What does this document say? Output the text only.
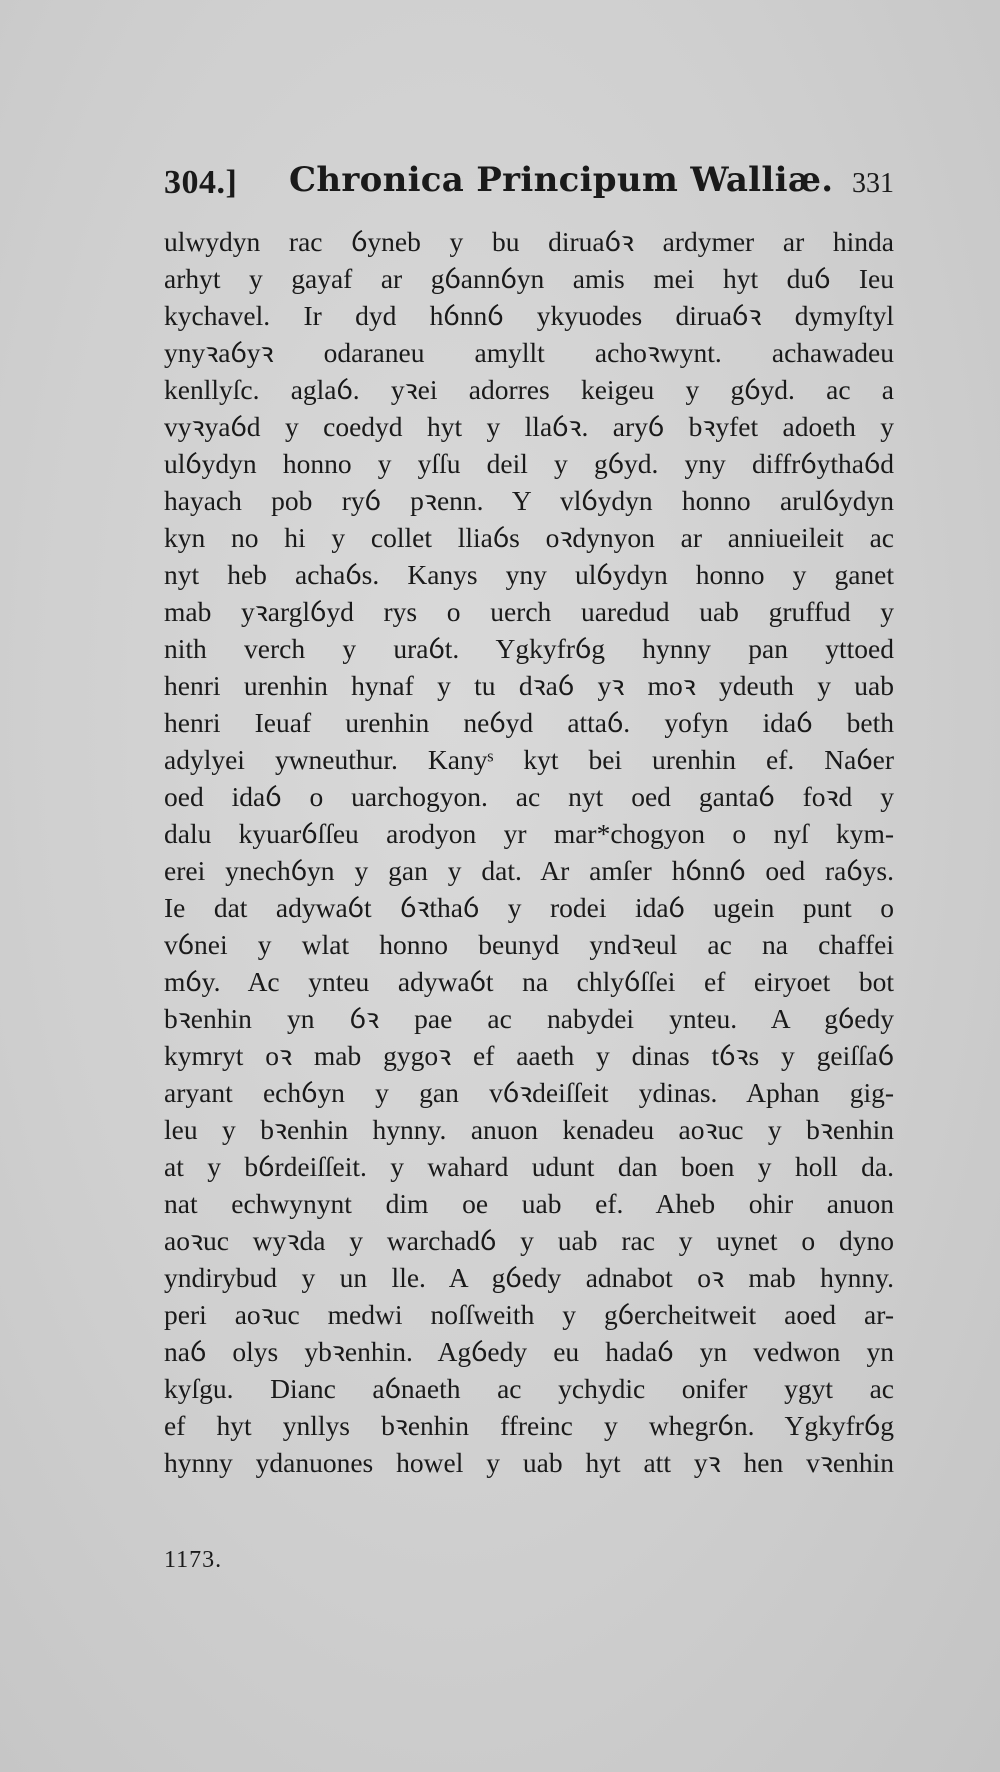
304.] Chronica Principum Walliæ. 331
ulwydyn rac ỽyneb y bu diruaỽꝛ ardymer ar hinda
arhyt y gayaf ar gỽannỽyn amis mei hyt duỽ Ieu
kychavel. Ir dyd hỽnnỽ ykyuodes diruaỽꝛ dymyſtyl
ynyꝛaỽyꝛ odaraneu amyllt achoꝛwynt. achawadeu
kenllyſc. aglaỽ. yꝛei adorres keigeu y gỽyd. ac a
vyꝛyaỽd y coedyd hyt y llaỽꝛ. aryỽ bꝛyfet adoeth y
ulỽydyn honno y yſſu deil y gỽyd. yny diffrỽythaỽd
hayach pob ryỽ pꝛenn. Y vlỽydyn honno arulỽydyn
kyn no hi y collet lliaỽs oꝛdynyon ar anniueileit ac
nyt heb achaỽs. Kanys yny ulỽydyn honno y ganet
mab yꝛarglỽyd rys o uerch uaredud uab gruffud y
nith verch y uraỽt. Ygkyfrỽg hynny pan yttoed
henri urenhin hynaf y tu dꝛaỽ yꝛ moꝛ ydeuth y uab
henri Ieuaf urenhin neỽyd attaỽ. yofyn idaỽ beth
adylyei ywneuthur. Kanyˢ kyt bei urenhin ef. Naỽer
oed idaỽ o uarchogyon. ac nyt oed gantaỽ foꝛd y
dalu kyuarỽſſeu arodyon yr mar*chogyon o nyſ kym-
erei ynechỽyn y gan y dat. Ar amſer hỽnnỽ oed raỽys.
Ie dat adywaỽt ỽꝛthaỽ y rodei idaỽ ugein punt o
vỽnei y wlat honno beunyd yndꝛeul ac na chaffei
mỽy. Ac ynteu adywaỽt na chlyỽſſei ef eiryoet bot
bꝛenhin yn ỽꝛ pae ac nabydei ynteu. A gỽedy
kymryt oꝛ mab gygoꝛ ef aaeth y dinas tỽꝛs y geiſſaỽ
aryant echỽyn y gan vỽꝛdeiſſeit ydinas. Aphan gig-
leu y bꝛenhin hynny. anuon kenadeu aoꝛuc y bꝛenhin
at y bỽrdeiſſeit. y wahard udunt dan boen y holl da.
nat echwynynt dim oe uab ef. Aheb ohir anuon
aoꝛuc wyꝛda y warchadỽ y uab rac y uynet o dyno
yndirybud y un lle. A gỽedy adnabot oꝛ mab hynny.
peri aoꝛuc medwi noſſweith y gỽercheitweit aoed ar-
naỽ olys ybꝛenhin. Agỽedy eu hadaỽ yn vedwon yn
kyſgu. Dianc aỽnaeth ac ychydic onifer ygyt ac
ef hyt ynllys bꝛenhin ffreinc y whegrỽn. Ygkyfrỽg
hynny ydanuones howel y uab hyt att yꝛ hen vꝛenhin
1173.
